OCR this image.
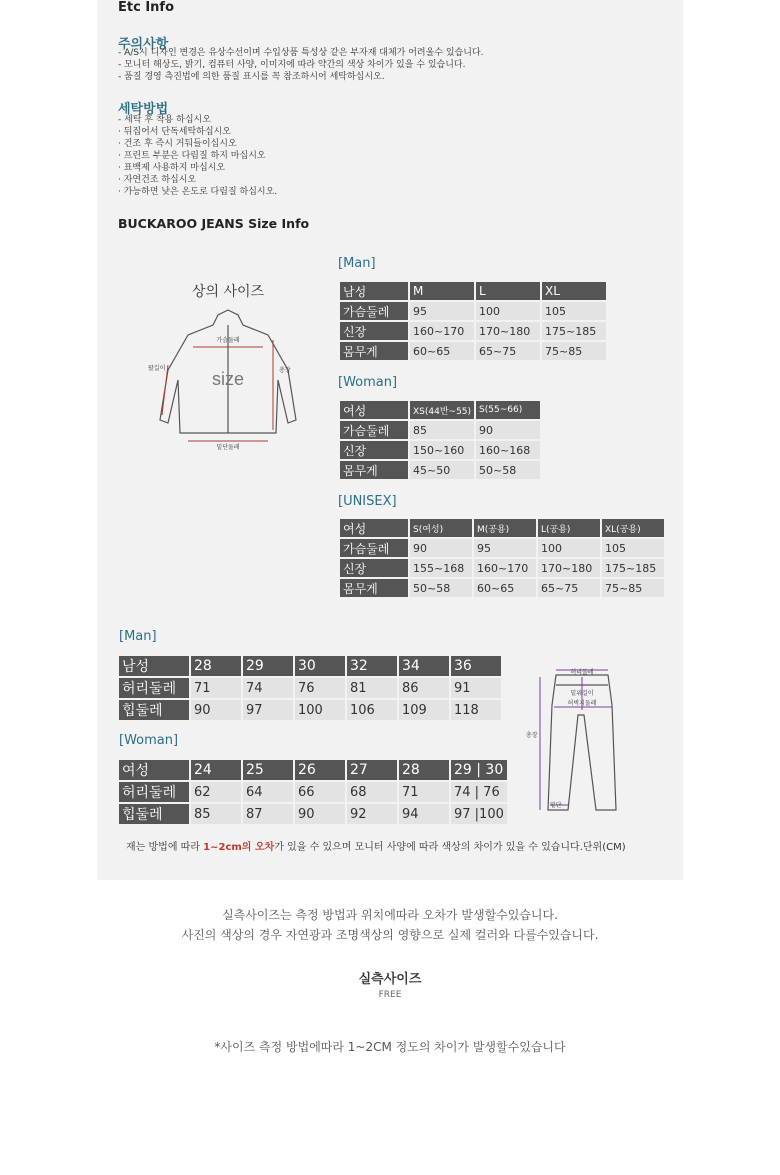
Etc Info
주의사항
- A/S시 디자인 변경은 유상수선이며 수입상품 특성상 같은 부자재 대체가 어려울수 있습니다.
- 모니터 해상도, 밝기, 컴퓨터 사양, 이미지에 따라 약간의 색상 차이가 있을 수 있습니다.
- 품질 경영 측진법에 의한 품질 표시를 꼭 참조하시어 세탁하십시오.
세탁방법
- 세탁 후 착용 하십시오
· 뒤집어서 단독세탁하십시오
· 건조 후 즉시 거둬들이십시오
· 프린트 부분은 다림질 하지 마십시오
· 표백제 사용하지 마십시오
· 자연건조 하십시오
· 가능하면 낮은 온도로 다림질 하십시오.
BUCKAROO JEANS Size Info
상의 사이즈
size
가슴둘레
팔길이	총장
밑단둘레
[Man]
남성	M	L	XL
가슴둘레	95	100	105
신장	160~170	170~180	175~185
몸무게	60~65	65~75	75~85
[Woman]
여성	XS(44반~55)	S(55~66)
가슴둘레	85	90
신장	150~160	160~168
몸무게	45~50	50~58
[UNISEX]
여성	S(여성)	M(공용)	L(공용)	XL(공용)
가슴둘레	90	95	100	105
신장	155~168	160~170	170~180	175~185
몸무게	50~58	60~65	65~75	75~85
[Man]
남성	28	29	30	32	34	36
허리둘레	71	74	76	81	86	91
힙둘레	90	97	100	106	109	118
[Woman]
여성	24	25	26	27	28	29 | 30
허리둘레	62	64	66	68	71	74 | 76
힙둘레	85	87	90	92	94	97 |100
허리둘레
밑위길이
허벅지둘레
총장
밑단
재는 방법에 따라 1~2cm의 오차가 있을 수 있으며 모니터 사양에 따라 색상의 차이가 있을 수 있습니다.단위(CM)
실측사이즈는 측정 방법과 위치에따라 오차가 발생할수있습니다.
사진의 색상의 경우 자연광과 조명색상의 영향으로 실제 컬러와 다를수있습니다.
실측사이즈
FREE
*사이즈 측정 방법에따라 1~2CM 정도의 차이가 발생할수있습니다
